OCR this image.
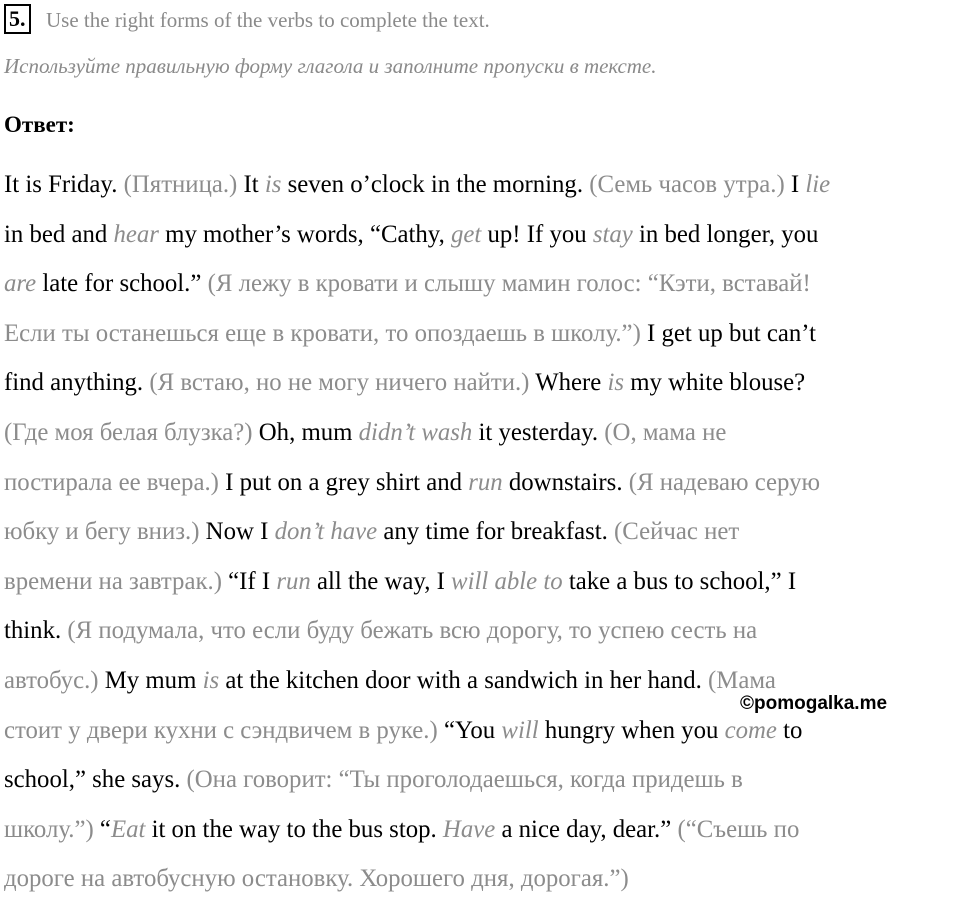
5. Use the right forms of the verbs to complete the text.
Используйте правильную форму глагола и заполните пропуски в тексте.
Ответ:
It is Friday. (Пятница.) It is seven o’clock in the morning. (Семь часов утра.) I lie
in bed and hear my mother’s words, “Cathy, get up! If you stay in bed longer, you
are late for school.” (Я лежу в кровати и слышу мамин голос: “Кэти, вставай!
Если ты останешься еще в кровати, то опоздаешь в школу.”) I get up but can’t
find anything. (Я встаю, но не могу ничего найти.) Where is my white blouse?
(Где моя белая блузка?) Oh, mum didn’t wash it yesterday. (О, мама не
постирала ее вчера.) I put on a grey shirt and run downstairs. (Я надеваю серую
юбку и бегу вниз.) Now I don’t have any time for breakfast. (Сейчас нет
времени на завтрак.) “If I run all the way, I will able to take a bus to school,” I
think. (Я подумала, что если буду бежать всю дорогу, то успею сесть на
автобус.) My mum is at the kitchen door with a sandwich in her hand. (Мама
стоит у двери кухни с сэндвичем в руке.) “You will hungry when you come to
school,” she says. (Она говорит: “Ты проголодаешься, когда придешь в
школу.”) “Eat it on the way to the bus stop. Have a nice day, dear.” (“Съешь по
дороге на автобусную остановку. Хорошего дня, дорогая.”)
©pomogalka.me
